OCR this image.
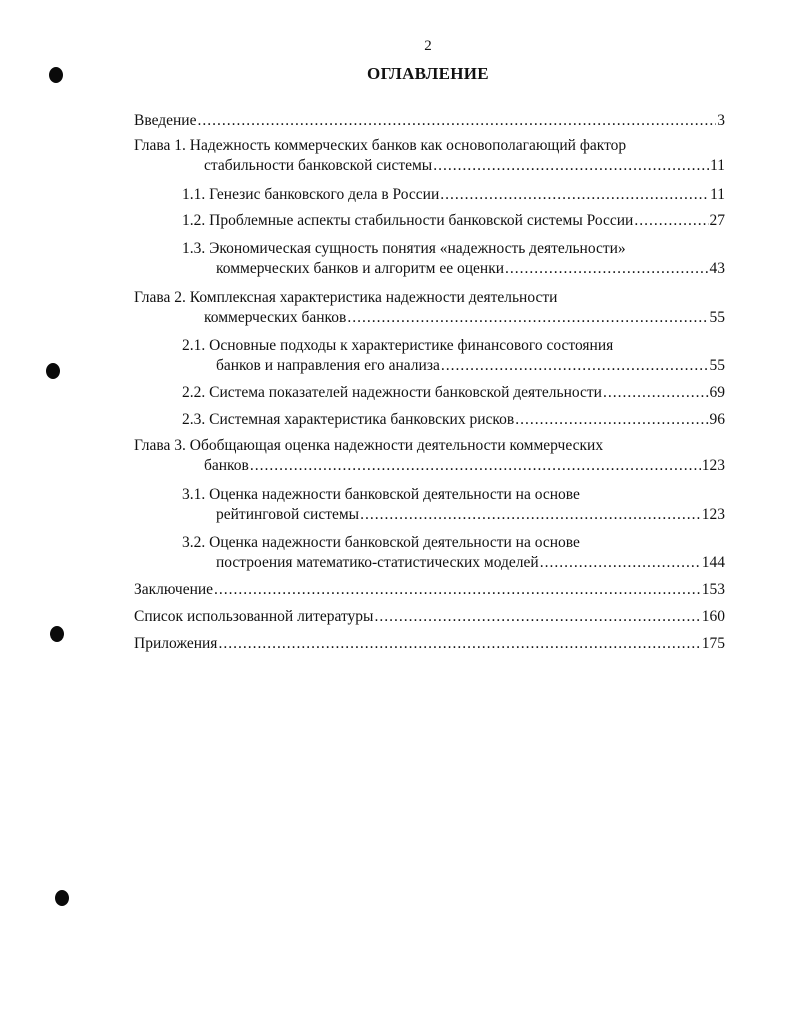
2
ОГЛАВЛЕНИЕ
Введение .....	3
Глава 1. Надежность коммерческих банков как основополагающий фактор
стабильности банковской системы .....	11
1.1. Генезис банковского дела в России .....	11
1.2. Проблемные аспекты стабильности банковской системы России .....	27
1.3. Экономическая сущность понятия «надежность деятельности»
коммерческих банков и алгоритм ее оценки .....	43
Глава 2. Комплексная характеристика надежности деятельности
коммерческих банков .....	55
2.1. Основные подходы к характеристике финансового состояния
банков и направления его анализа .....	55
2.2. Система показателей надежности банковской деятельности .....	69
2.3. Системная характеристика банковских рисков .....	96
Глава 3. Обобщающая оценка надежности деятельности коммерческих
банков .....	123
3.1. Оценка надежности банковской деятельности на основе
рейтинговой системы .....	123
3.2. Оценка надежности банковской деятельности на основе
построения математико-статистических моделей .....	144
Заключение .....	153
Список использованной литературы .....	160
Приложения .....	175
